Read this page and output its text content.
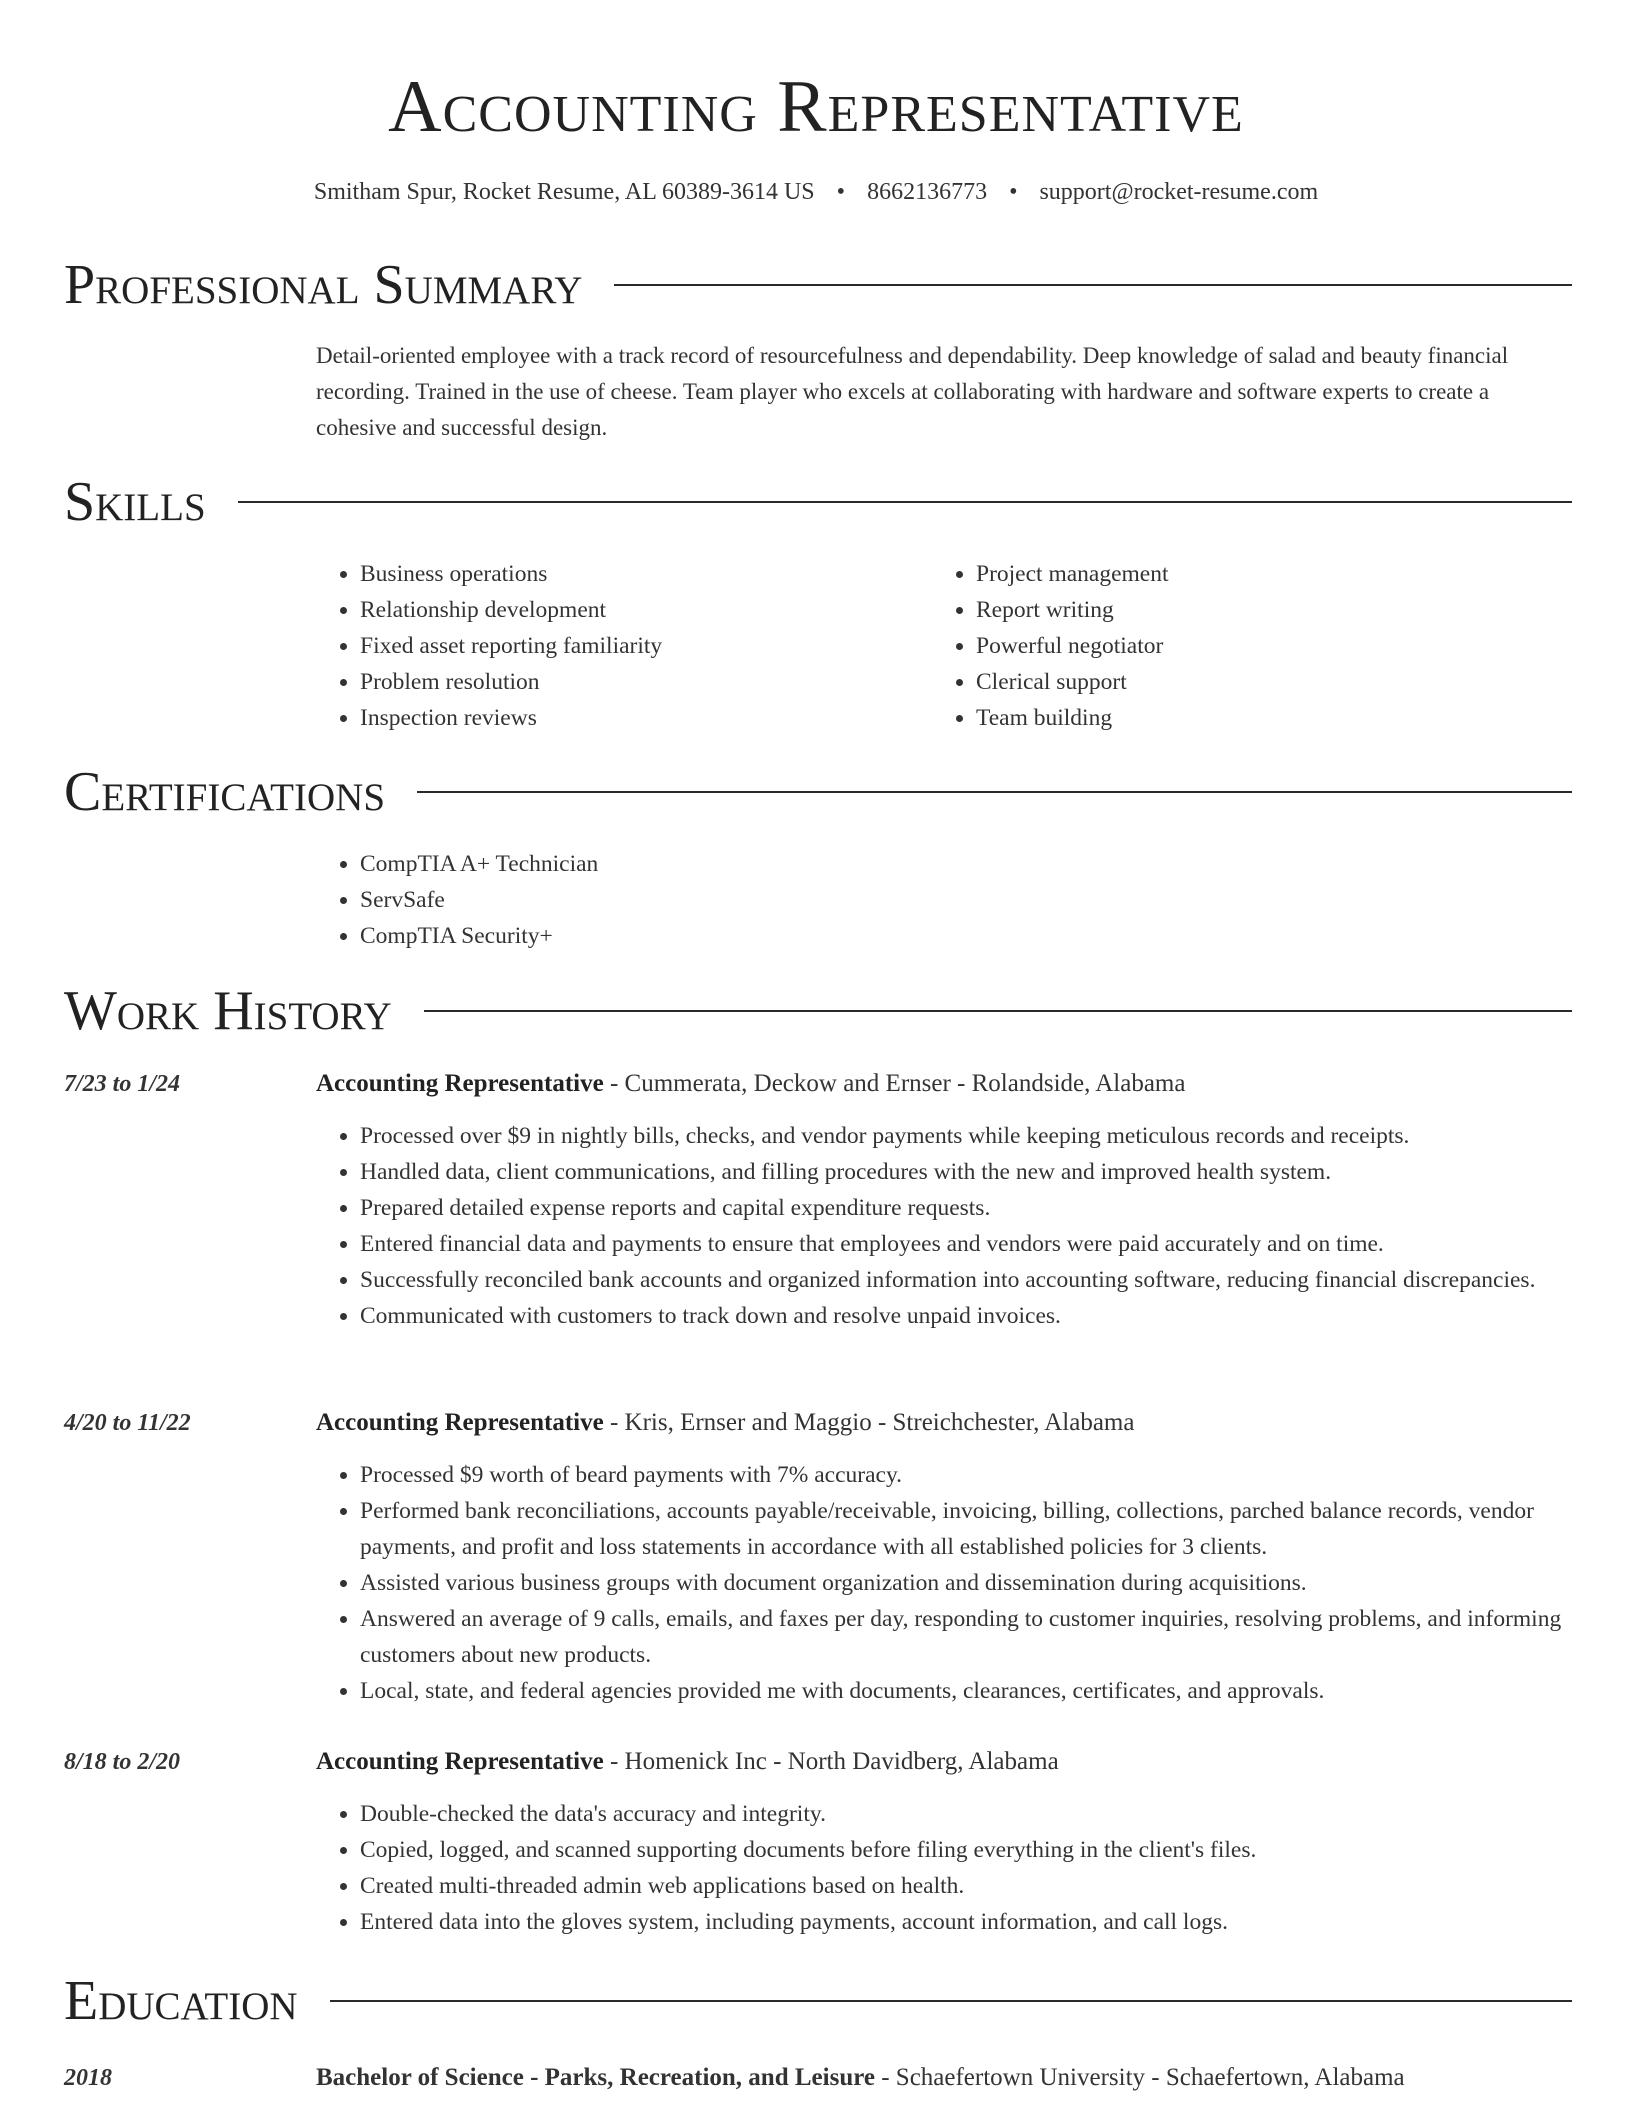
Accounting Representative
Smitham Spur, Rocket Resume, AL 60389-3614 US • 8662136773 • support@rocket-resume.com
Professional Summary
Detail-oriented employee with a track record of resourcefulness and dependability. Deep knowledge of salad and beauty financial recording. Trained in the use of cheese. Team player who excels at collaborating with hardware and software experts to create a cohesive and successful design.
Skills
• Business operations
• Relationship development
• Fixed asset reporting familiarity
• Problem resolution
• Inspection reviews
• Project management
• Report writing
• Powerful negotiator
• Clerical support
• Team building
Certifications
• CompTIA A+ Technician
• ServSafe
• CompTIA Security+
Work History
7/23 to 1/24	Accounting Representative - Cummerata, Deckow and Ernser - Rolandside, Alabama
• Processed over $9 in nightly bills, checks, and vendor payments while keeping meticulous records and receipts.
• Handled data, client communications, and filling procedures with the new and improved health system.
• Prepared detailed expense reports and capital expenditure requests.
• Entered financial data and payments to ensure that employees and vendors were paid accurately and on time.
• Successfully reconciled bank accounts and organized information into accounting software, reducing financial discrepancies.
• Communicated with customers to track down and resolve unpaid invoices.
4/20 to 11/22	Accounting Representative - Kris, Ernser and Maggio - Streichchester, Alabama
• Processed $9 worth of beard payments with 7% accuracy.
• Performed bank reconciliations, accounts payable/receivable, invoicing, billing, collections, parched balance records, vendor payments, and profit and loss statements in accordance with all established policies for 3 clients.
• Assisted various business groups with document organization and dissemination during acquisitions.
• Answered an average of 9 calls, emails, and faxes per day, responding to customer inquiries, resolving problems, and informing customers about new products.
• Local, state, and federal agencies provided me with documents, clearances, certificates, and approvals.
8/18 to 2/20	Accounting Representative - Homenick Inc - North Davidberg, Alabama
• Double-checked the data's accuracy and integrity.
• Copied, logged, and scanned supporting documents before filing everything in the client's files.
• Created multi-threaded admin web applications based on health.
• Entered data into the gloves system, including payments, account information, and call logs.
Education
2018	Bachelor of Science - Parks, Recreation, and Leisure - Schaefertown University - Schaefertown, Alabama
